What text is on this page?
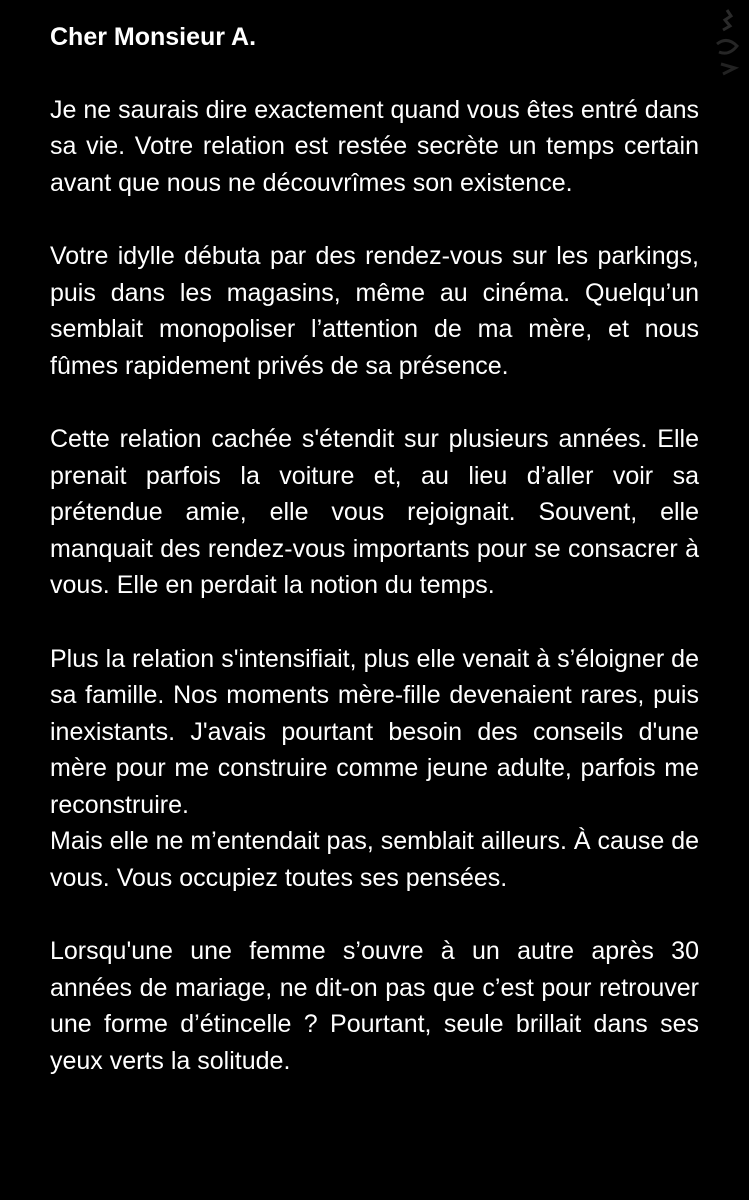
Cher Monsieur A.

Je ne saurais dire exactement quand vous êtes entré dans sa vie. Votre relation est restée secrète un temps certain avant que nous ne découvrîmes son existence.

Votre idylle débuta par des rendez-vous sur les parkings, puis dans les magasins, même au cinéma. Quelqu’un semblait monopoliser l’attention de ma mère, et nous fûmes rapidement privés de sa présence.

Cette relation cachée s'étendit sur plusieurs années. Elle prenait parfois la voiture et, au lieu d’aller voir sa prétendue amie, elle vous rejoignait. Souvent, elle manquait des rendez-vous importants pour se consacrer à vous. Elle en perdait la notion du temps.

Plus la relation s'intensifiait, plus elle venait à s’éloigner de sa famille. Nos moments mère-fille devenaient rares, puis inexistants. J'avais pourtant besoin des conseils d'une mère pour me construire comme jeune adulte, parfois me reconstruire.

Mais elle ne m’entendait pas, semblait ailleurs. À cause de vous. Vous occupiez toutes ses pensées.

Lorsqu'une une femme s’ouvre à un autre après 30 années de mariage, ne dit-on pas que c’est pour retrouver une forme d’étincelle ? Pourtant, seule brillait dans ses yeux verts la solitude.
